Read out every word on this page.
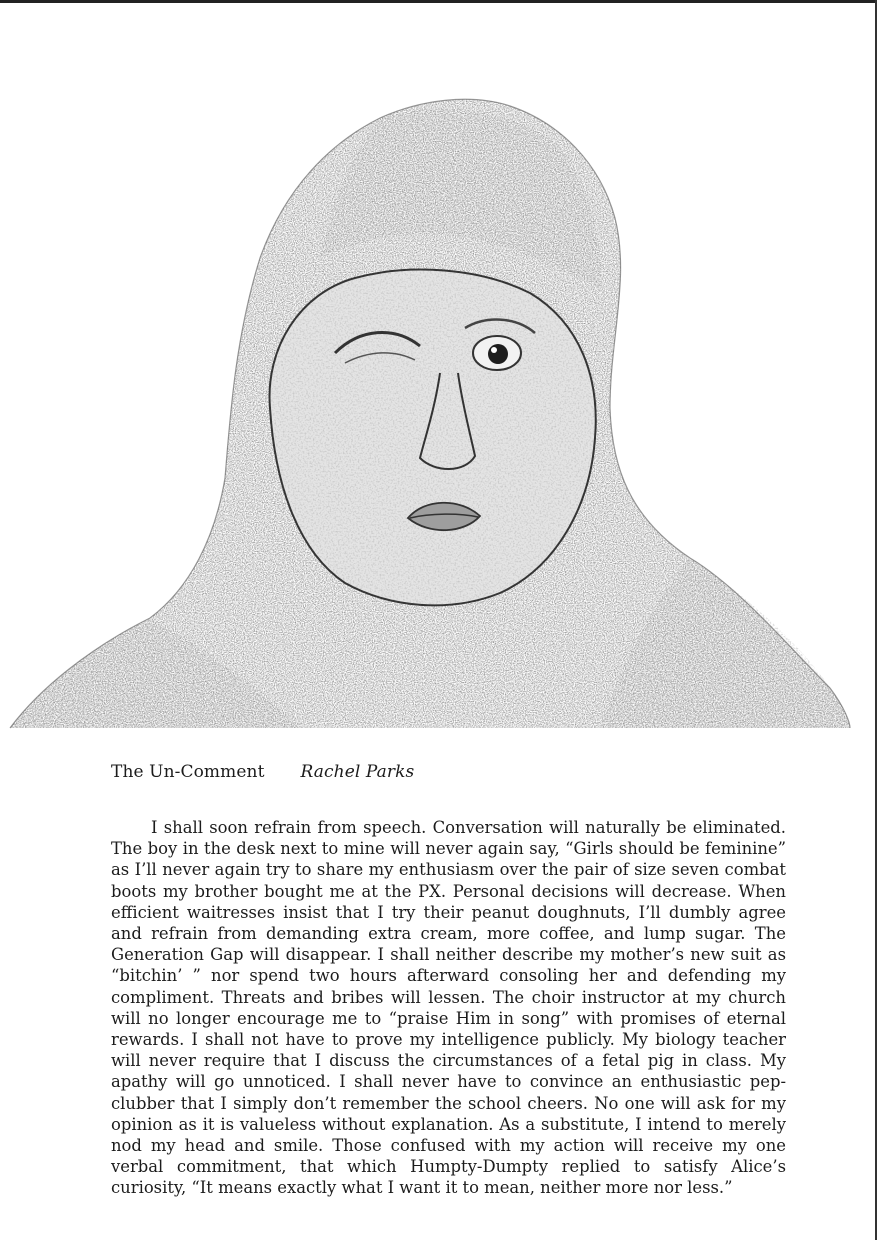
The Un-Comment Rachel Parks

I shall soon refrain from speech. Conversation will naturally be eliminated. The boy in the desk next to mine will never again say, “Girls should be feminine” as I’ll never again try to share my enthusiasm over the pair of size seven combat boots my brother bought me at the PX. Personal decisions will decrease. When efficient waitresses insist that I try their peanut doughnuts, I’ll dumbly agree and refrain from demanding extra cream, more coffee, and lump sugar. The Generation Gap will disappear. I shall neither describe my mother’s new suit as “bitchin’ ” nor spend two hours afterward consoling her and defending my compliment. Threats and bribes will lessen. The choir instructor at my church will no longer encourage me to “praise Him in song” with promises of eternal rewards. I shall not have to prove my intelligence publicly. My biology teacher will never require that I discuss the circumstances of a fetal pig in class. My apathy will go unnoticed. I shall never have to convince an enthusiastic pep-clubber that I simply don’t remember the school cheers. No one will ask for my opinion as it is valueless without explanation. As a substitute, I intend to merely nod my head and smile. Those confused with my action will receive my one verbal commitment, that which Humpty-Dumpty replied to satisfy Alice’s curiosity, “It means exactly what I want it to mean, neither more nor less.”
